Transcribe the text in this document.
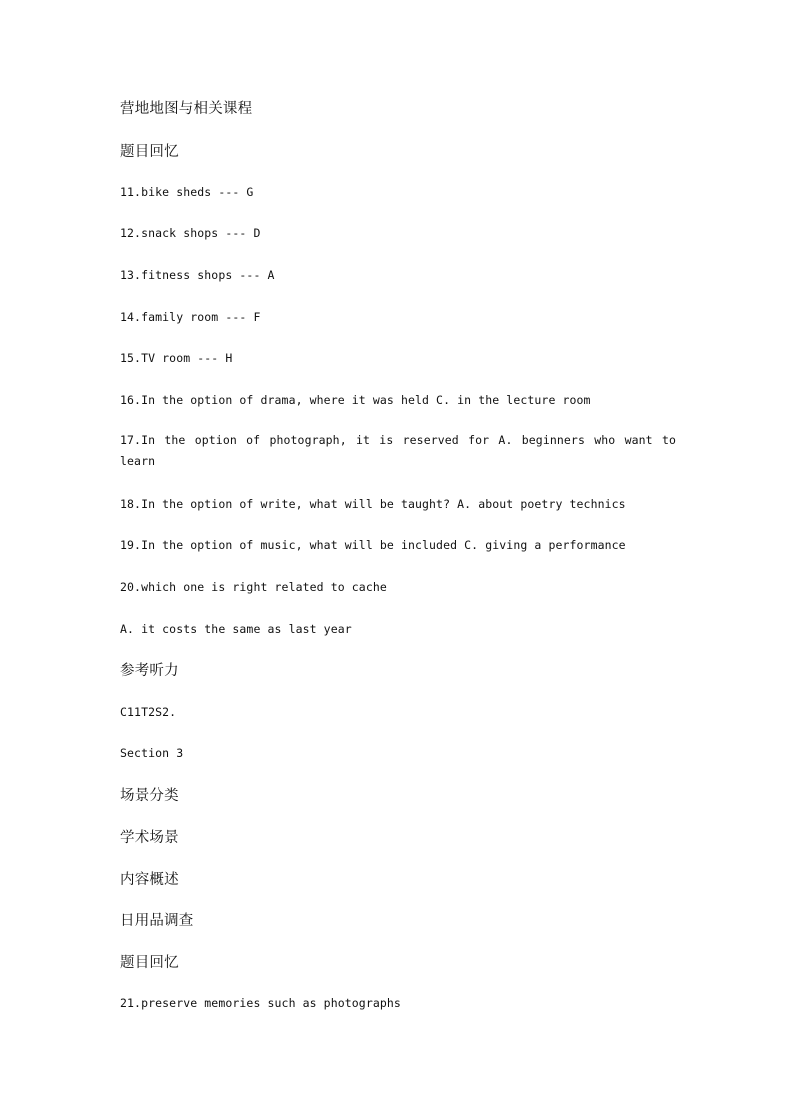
营地地图与相关课程
题目回忆
11.bike sheds --- G
12.snack shops --- D
13.fitness shops --- A
14.family room --- F
15.TV room --- H
16.In the option of drama, where it was held C. in the lecture room
17.In the option of photograph, it is reserved for A. beginners who want to learn
18.In the option of write, what will be taught? A. about poetry technics
19.In the option of music, what will be included C. giving a performance
20.which one is right related to cache
A. it costs the same as last year
参考听力
C11T2S2.
Section 3
场景分类
学术场景
内容概述
日用品调查
题目回忆
21.preserve memories such as photographs
